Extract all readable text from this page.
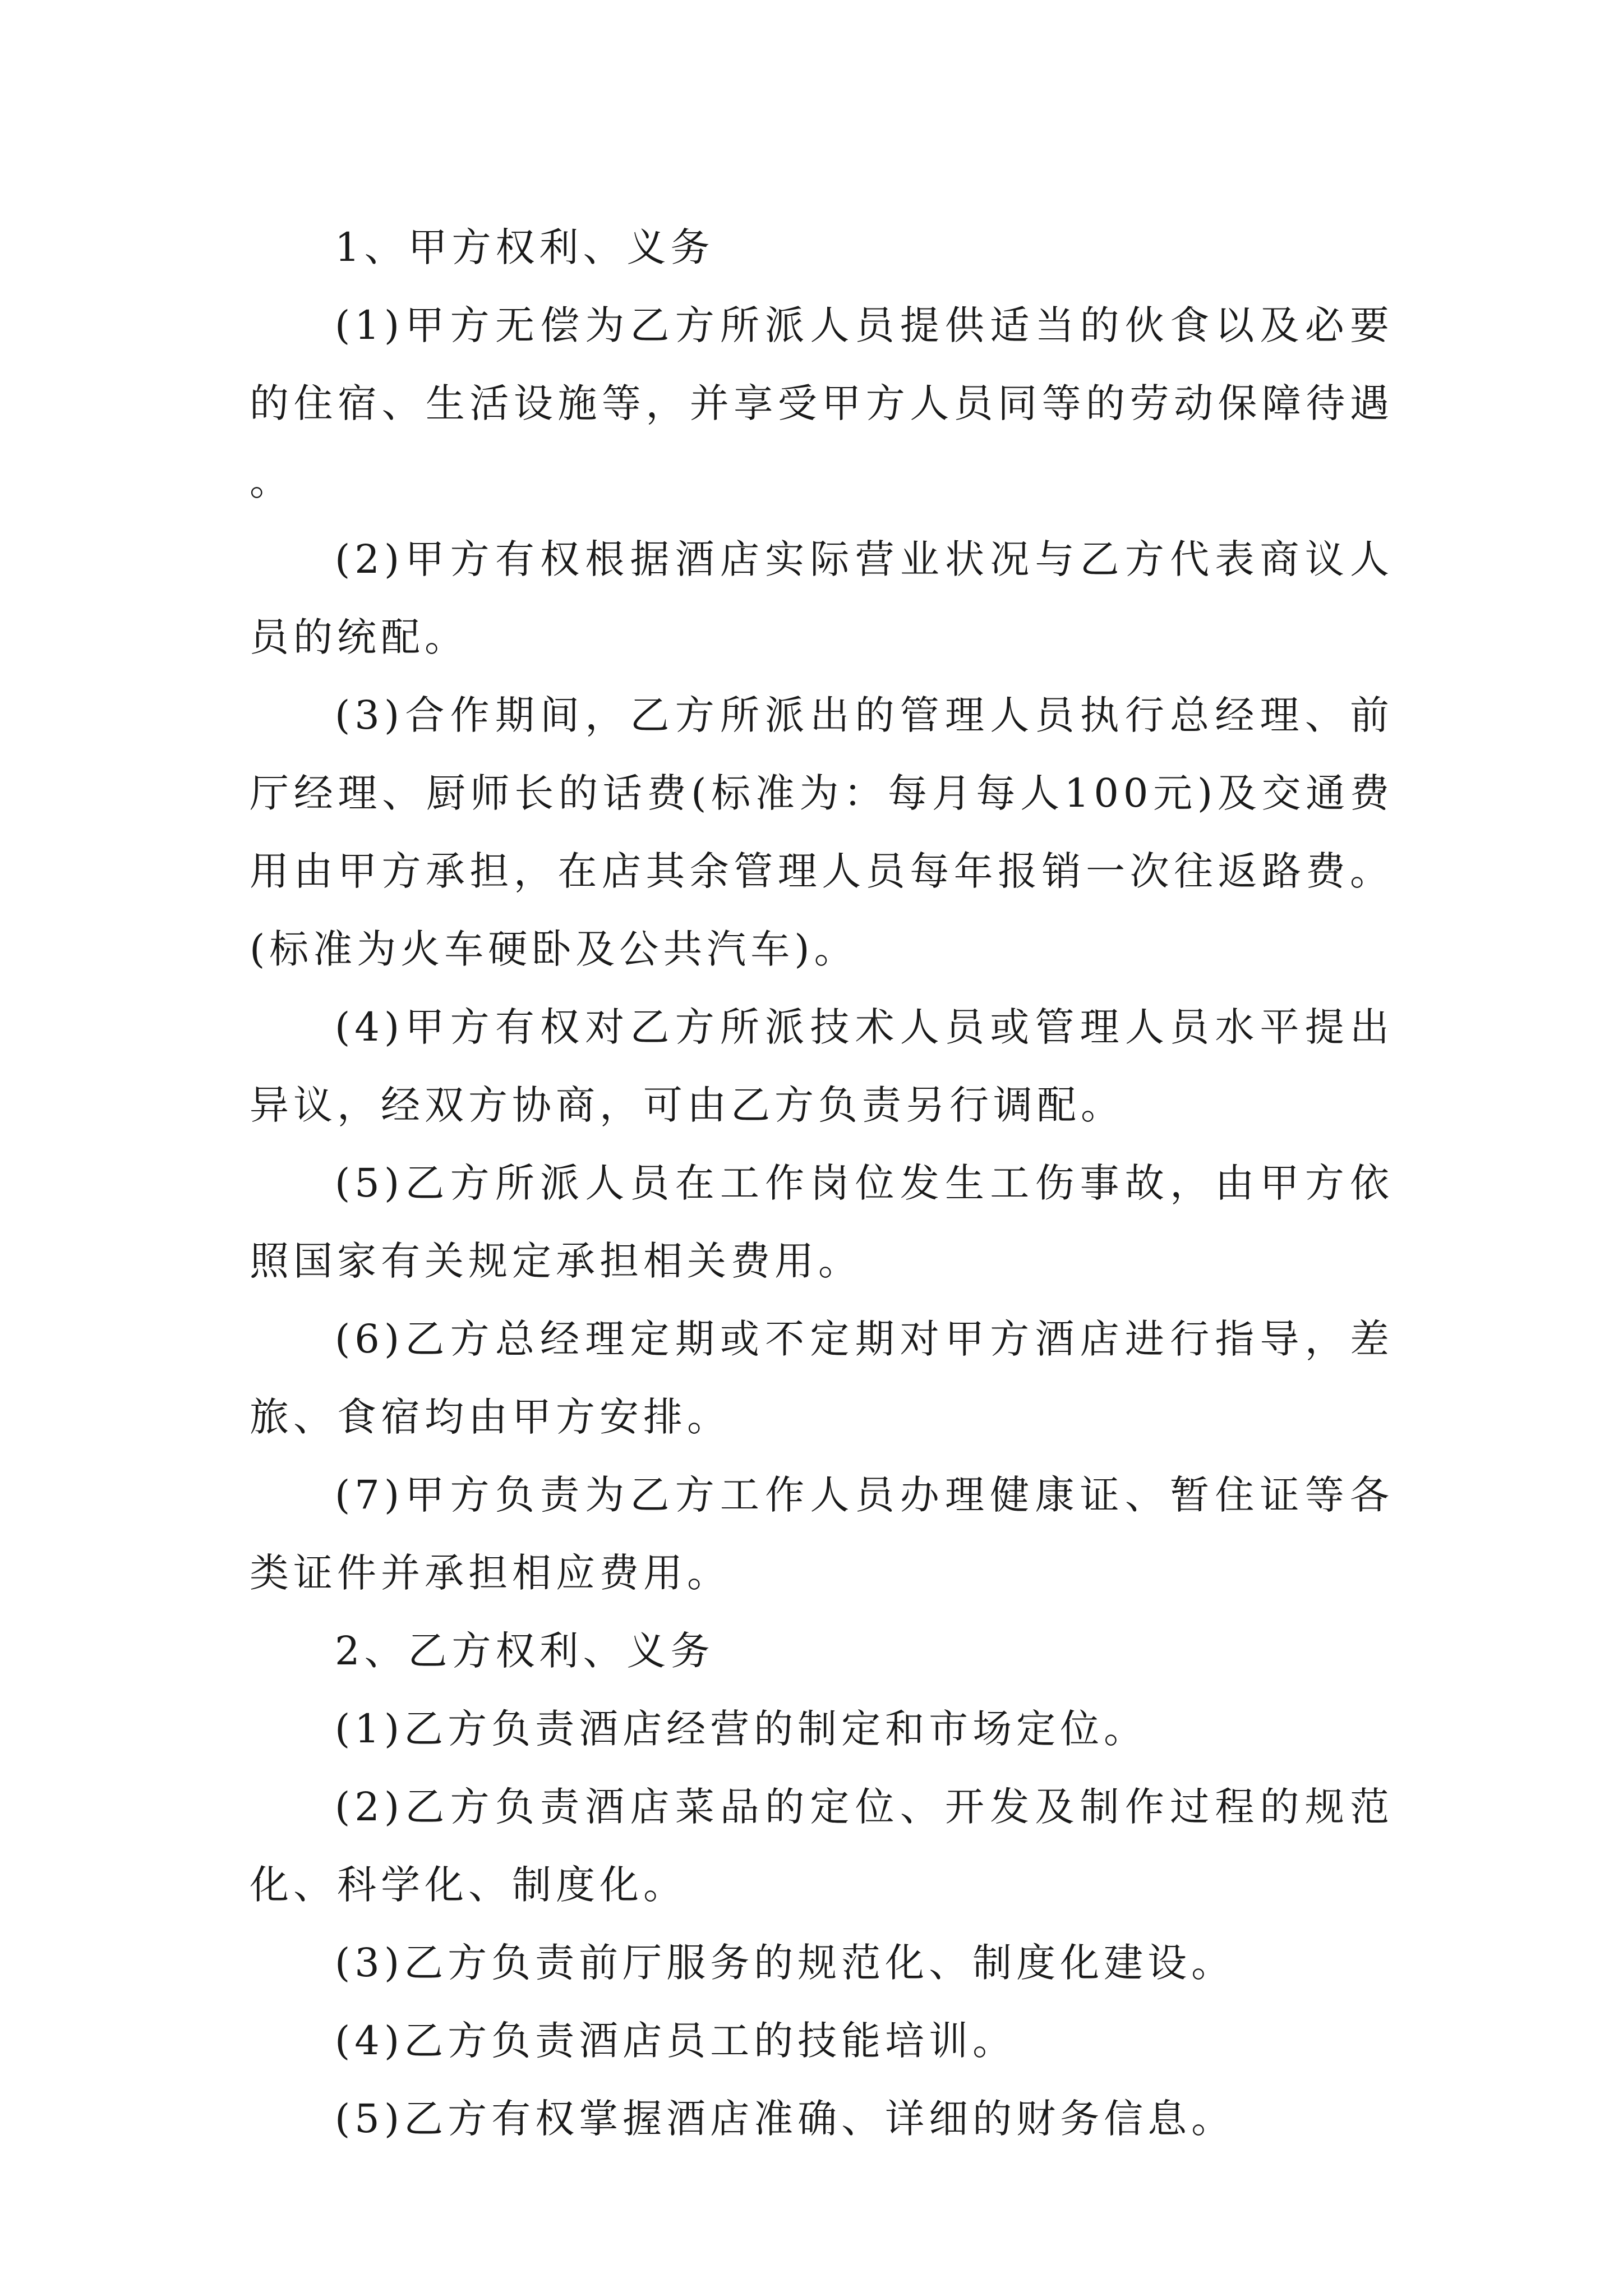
1、甲方权利、义务

(1)甲方无偿为乙方所派人员提供适当的伙食以及必要的住宿、生活设施等，并享受甲方人员同等的劳动保障待遇。

(2)甲方有权根据酒店实际营业状况与乙方代表商议人员的统配。

(3)合作期间，乙方所派出的管理人员执行总经理、前厅经理、厨师长的话费(标准为：每月每人100元)及交通费用由甲方承担，在店其余管理人员每年报销一次往返路费。(标准为火车硬卧及公共汽车)。

(4)甲方有权对乙方所派技术人员或管理人员水平提出异议，经双方协商，可由乙方负责另行调配。

(5)乙方所派人员在工作岗位发生工伤事故，由甲方依照国家有关规定承担相关费用。

(6)乙方总经理定期或不定期对甲方酒店进行指导，差旅、食宿均由甲方安排。

(7)甲方负责为乙方工作人员办理健康证、暂住证等各类证件并承担相应费用。

2、乙方权利、义务

(1)乙方负责酒店经营的制定和市场定位。

(2)乙方负责酒店菜品的定位、开发及制作过程的规范化、科学化、制度化。

(3)乙方负责前厅服务的规范化、制度化建设。

(4)乙方负责酒店员工的技能培训。

(5)乙方有权掌握酒店准确、详细的财务信息。
